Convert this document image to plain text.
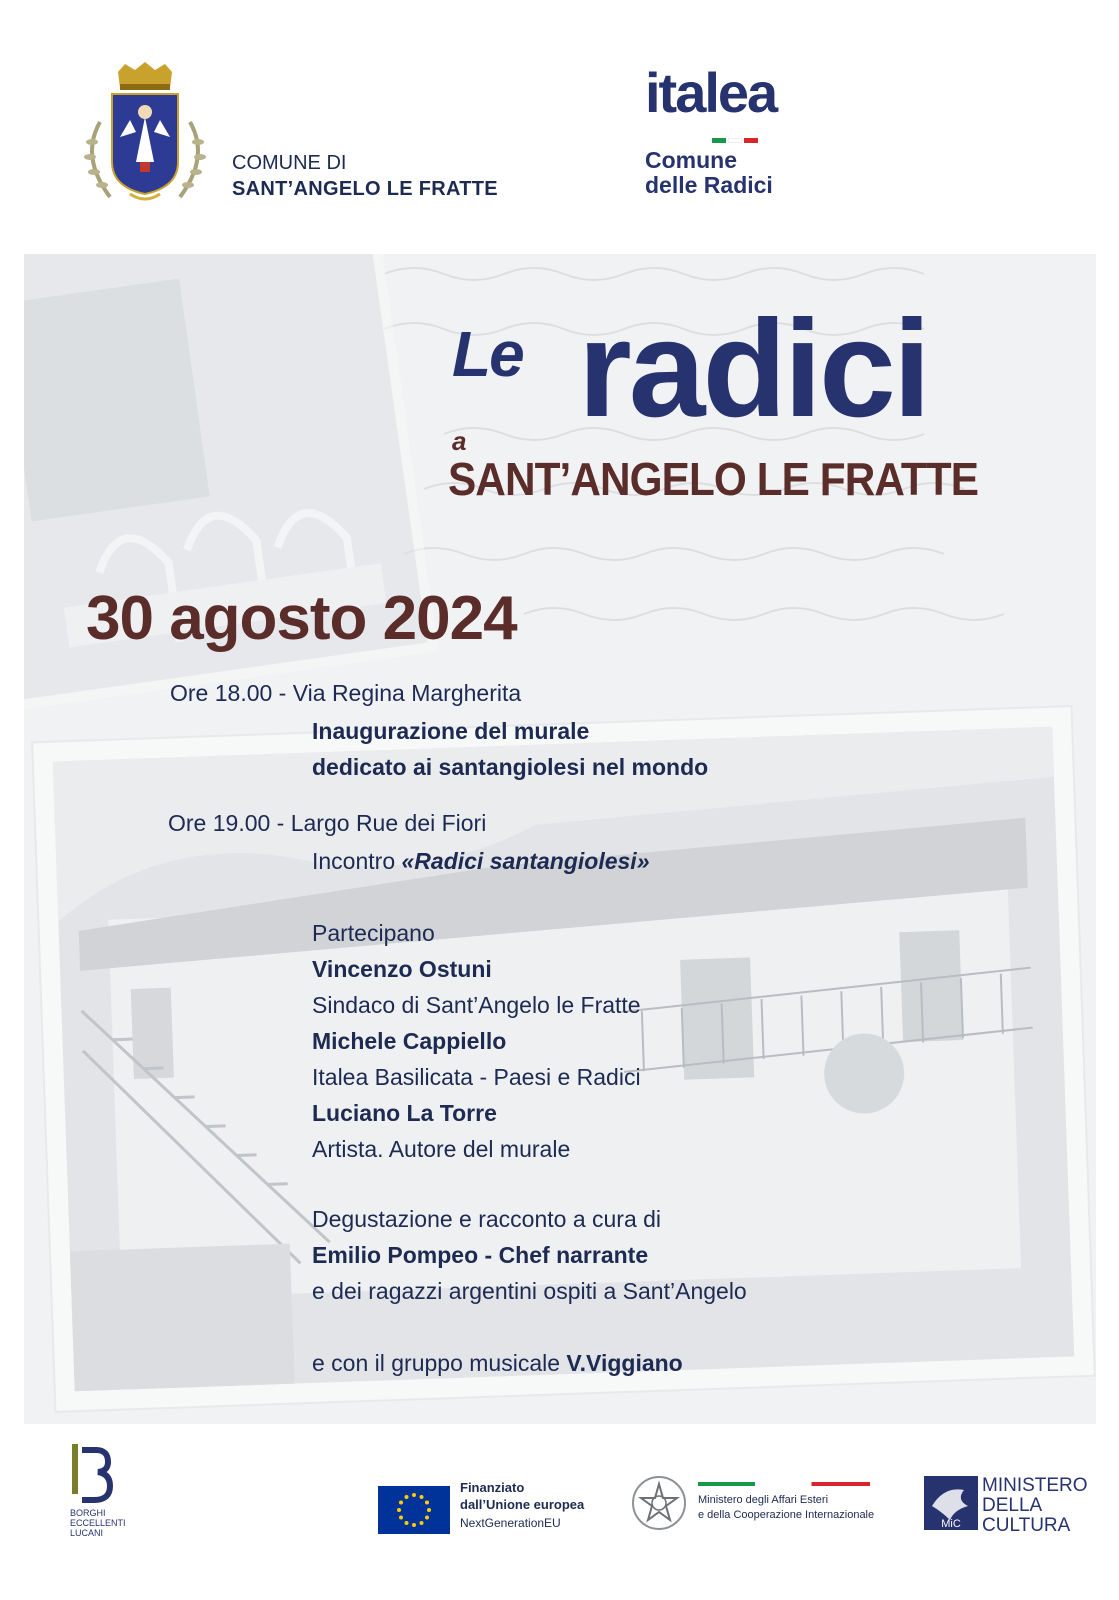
COMUNE DI
SANT’ANGELO LE FRATTE
italea
Comune
delle Radici
Le radici
a
SANT’ANGELO LE FRATTE
30 agosto 2024
Ore 18.00 - Via Regina Margherita
Inaugurazione del murale
dedicato ai santangiolesi nel mondo
Ore 19.00 - Largo Rue dei Fiori
Incontro «Radici santangiolesi»
Partecipano
Vincenzo Ostuni
Sindaco di Sant’Angelo le Fratte
Michele Cappiello
Italea Basilicata - Paesi e Radici
Luciano La Torre
Artista. Autore del murale
Degustazione e racconto a cura di
Emilio Pompeo - Chef narrante
e dei ragazzi argentini ospiti a Sant’Angelo
e con il gruppo musicale V.Viggiano
BORGHI
ECCELLENTI
LUCANI
Finanziato
dall’Unione europea
NextGenerationEU
Ministero degli Affari Esteri
e della Cooperazione Internazionale
MiC
MINISTERO
DELLA
CULTURA
